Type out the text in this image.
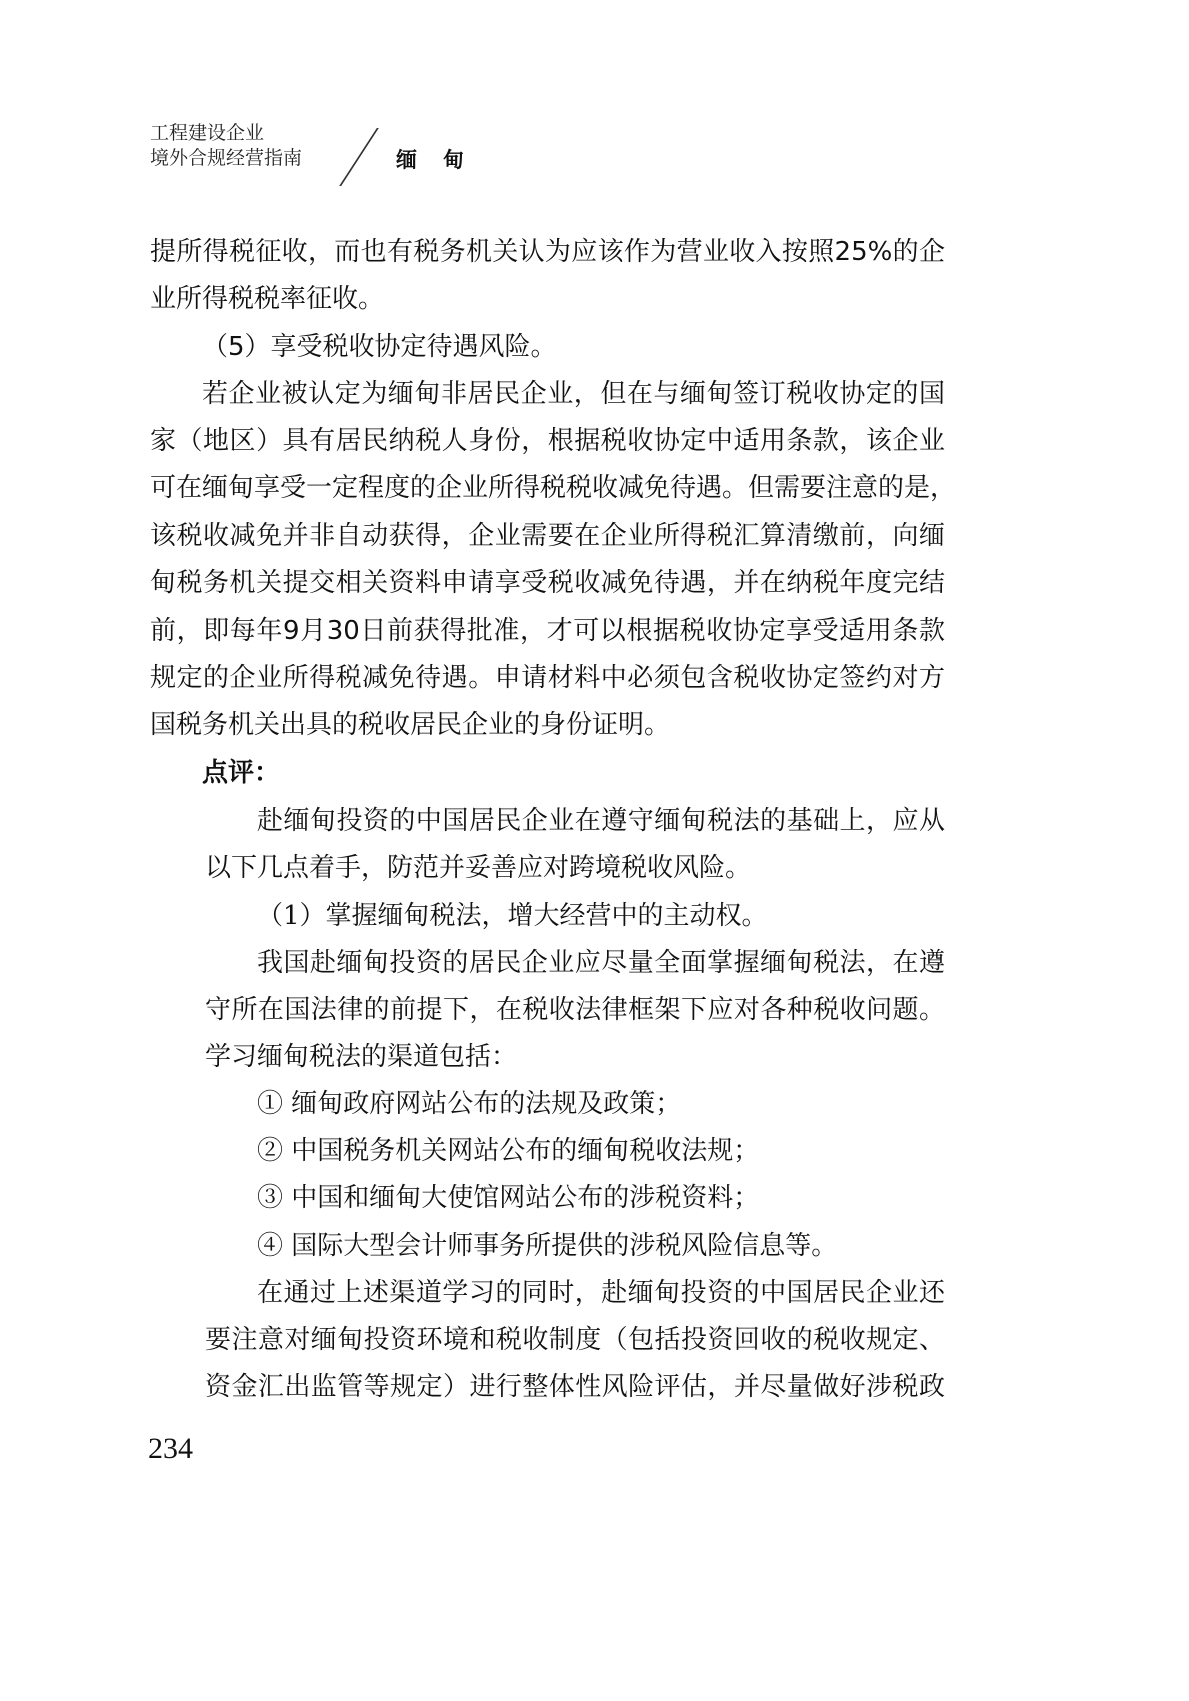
工程建设企业
境外合规经营指南	缅甸
提所得税征收，而也有税务机关认为应该作为营业收入按照25%的企
业所得税税率征收。
（5）享受税收协定待遇风险。
若企业被认定为缅甸非居民企业，但在与缅甸签订税收协定的国
家（地区）具有居民纳税人身份，根据税收协定中适用条款，该企业
可在缅甸享受一定程度的企业所得税税收减免待遇。但需要注意的是，
该税收减免并非自动获得，企业需要在企业所得税汇算清缴前，向缅
甸税务机关提交相关资料申请享受税收减免待遇，并在纳税年度完结
前，即每年9月30日前获得批准，才可以根据税收协定享受适用条款
规定的企业所得税减免待遇。申请材料中必须包含税收协定签约对方
国税务机关出具的税收居民企业的身份证明。
点评：
赴缅甸投资的中国居民企业在遵守缅甸税法的基础上，应从
以下几点着手，防范并妥善应对跨境税收风险。
（1）掌握缅甸税法，增大经营中的主动权。
我国赴缅甸投资的居民企业应尽量全面掌握缅甸税法，在遵
守所在国法律的前提下，在税收法律框架下应对各种税收问题。
学习缅甸税法的渠道包括：
① 缅甸政府网站公布的法规及政策；
② 中国税务机关网站公布的缅甸税收法规；
③ 中国和缅甸大使馆网站公布的涉税资料；
④ 国际大型会计师事务所提供的涉税风险信息等。
在通过上述渠道学习的同时，赴缅甸投资的中国居民企业还
要注意对缅甸投资环境和税收制度（包括投资回收的税收规定、
资金汇出监管等规定）进行整体性风险评估，并尽量做好涉税政
234
